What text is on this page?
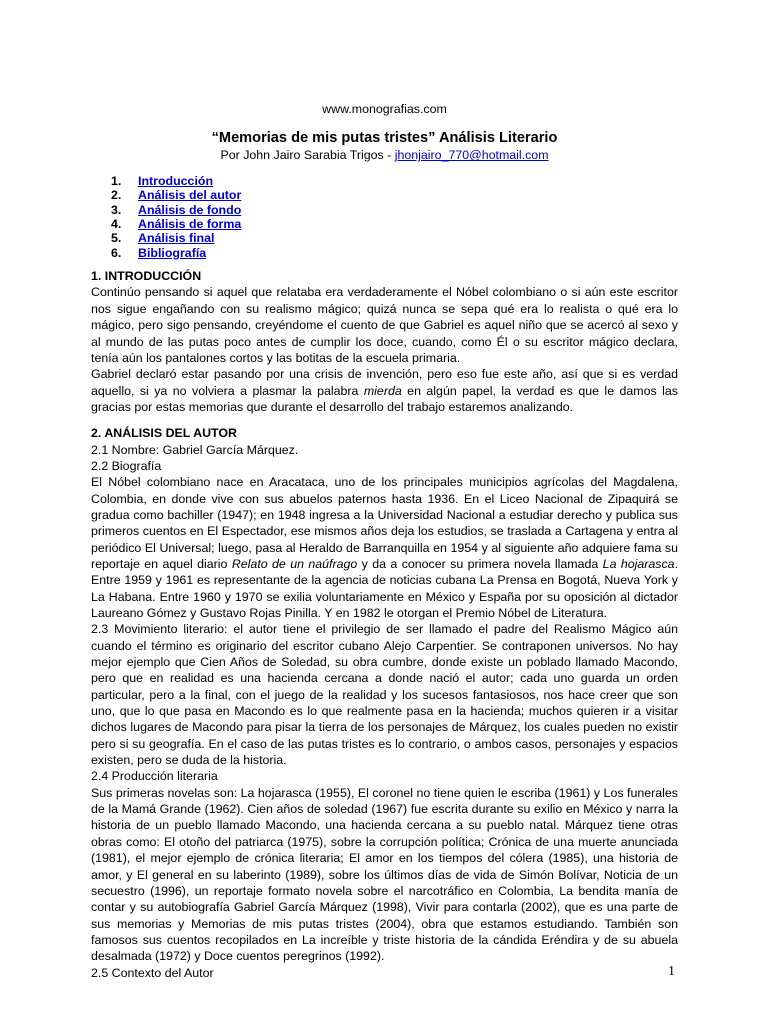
www.monografias.com
“Memorias de mis putas tristes” Análisis Literario
Por John Jairo Sarabia Trigos - jhonjairo_770@hotmail.com
1.	Introducción
2.	Análisis del autor
3.	Análisis de fondo
4.	Análisis de forma
5.	Análisis final
6.	Bibliografía
1. INTRODUCCIÓN

Continúo pensando si aquel que relataba era verdaderamente el Nóbel colombiano o si aún este escritor nos sigue engañando con su realismo mágico; quizá nunca se sepa qué era lo realista o qué era lo mágico, pero sigo pensando, creyéndome el cuento de que Gabriel es aquel niño que se acercó al sexo y al mundo de las putas poco antes de cumplir los doce, cuando, como Él o su escritor mágico declara, tenía aún los pantalones cortos y las botitas de la escuela primaria.

Gabriel declaró estar pasando por una crisis de invención, pero eso fue este año, así que si es verdad aquello, si ya no volviera a plasmar la palabra mierda en algún papel, la verdad es que le damos las gracias por estas memorias que durante el desarrollo del trabajo estaremos analizando.

2. ANÁLISIS DEL AUTOR

2.1 Nombre: Gabriel García Márquez.

2.2 Biografía

El Nóbel colombiano nace en Aracataca, uno de los principales municipios agrícolas del Magdalena, Colombia, en donde vive con sus abuelos paternos hasta 1936. En el Liceo Nacional de Zipaquirá se gradua como bachiller (1947); en 1948 ingresa a la Universidad Nacional a estudiar derecho y publica sus primeros cuentos en El Espectador, ese mismos años deja los estudios, se traslada a Cartagena y entra al periódico El Universal; luego, pasa al Heraldo de Barranquilla en 1954 y al siguiente año adquiere fama su reportaje en aquel diario Relato de un naúfrago y da a conocer su primera novela llamada La hojarasca. Entre 1959 y 1961 es representante de la agencia de noticias cubana La Prensa en Bogotá, Nueva York y La Habana. Entre 1960 y 1970 se exilia voluntariamente en México y España por su oposición al dictador Laureano Gómez y Gustavo Rojas Pinilla. Y en 1982 le otorgan el Premio Nóbel de Literatura.

2.3 Movimiento literario: el autor tiene el privilegio de ser llamado el padre del Realismo Mágico aún cuando el término es originario del escritor cubano Alejo Carpentier. Se contraponen universos. No hay mejor ejemplo que Cien Años de Soledad, su obra cumbre, donde existe un poblado llamado Macondo, pero que en realidad es una hacienda cercana a donde nació el autor; cada uno guarda un orden particular, pero a la final, con el juego de la realidad y los sucesos fantasiosos, nos hace creer que son uno, que lo que pasa en Macondo es lo que realmente pasa en la hacienda; muchos quieren ir a visitar dichos lugares de Macondo para pisar la tierra de los personajes de Márquez, los cuales pueden no existir pero si su geografía. En el caso de las putas tristes es lo contrario, o ambos casos, personajes y espacios existen, pero se duda de la historia.

2.4 Producción literaria

Sus primeras novelas son: La hojarasca (1955), El coronel no tiene quien le escriba (1961) y Los funerales de la Mamá Grande (1962). Cien años de soledad (1967) fue escrita durante su exilio en México y narra la historia de un pueblo llamado Macondo, una hacienda cercana a su pueblo natal. Márquez tiene otras obras como: El otoño del patriarca (1975), sobre la corrupción política; Crónica de una muerte anunciada (1981), el mejor ejemplo de crónica literaria; El amor en los tiempos del cólera (1985), una historia de amor, y El general en su laberinto (1989), sobre los últimos días de vida de Simón Bolívar, Noticia de un secuestro (1996), un reportaje formato novela sobre el narcotráfico en Colombia, La bendita manía de contar y su autobiografía Gabriel García Márquez (1998), Vivir para contarla (2002), que es una parte de sus memorias y Memorias de mis putas tristes (2004), obra que estamos estudiando. También son famosos sus cuentos recopilados en La increíble y triste historia de la cándida Eréndira y de su abuela desalmada (1972) y Doce cuentos peregrinos (1992).

2.5 Contexto del Autor	1
